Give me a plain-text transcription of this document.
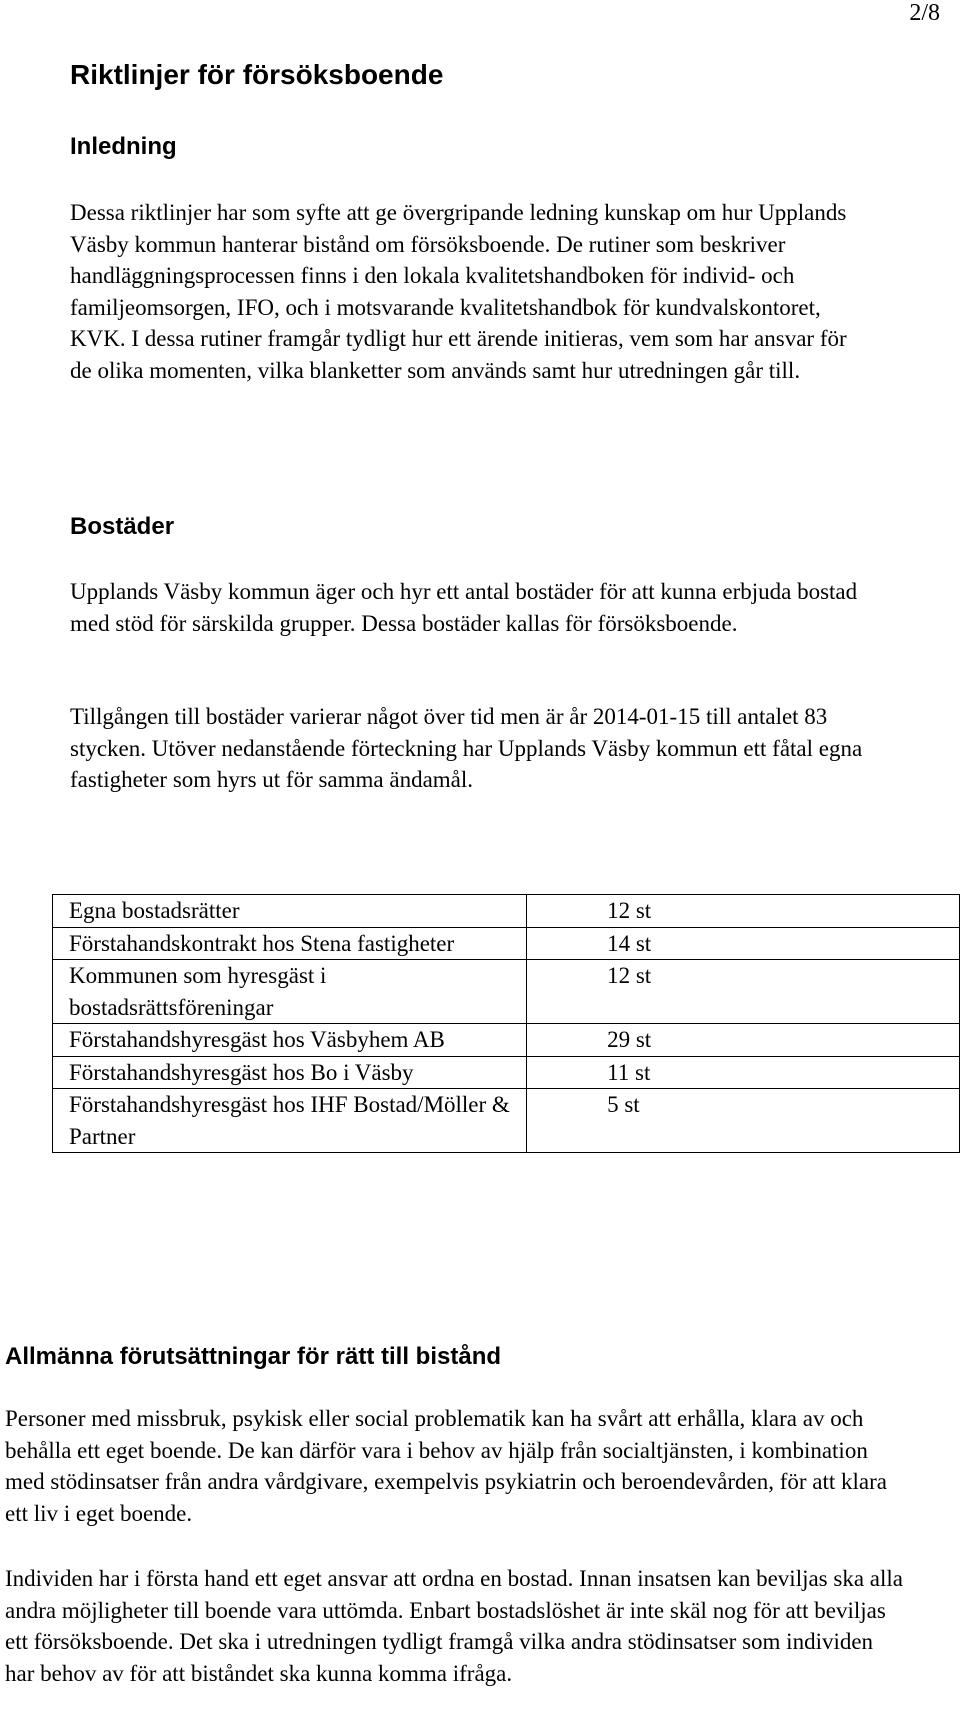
2/8
Riktlinjer för försöksboende
Inledning

Dessa riktlinjer har som syfte att ge övergripande ledning kunskap om hur Upplands Väsby kommun hanterar bistånd om försöksboende. De rutiner som beskriver handläggningsprocessen finns i den lokala kvalitetshandboken för individ- och familjeomsorgen, IFO, och i motsvarande kvalitetshandbok för kundvalskontoret, KVK. I dessa rutiner framgår tydligt hur ett ärende initieras, vem som har ansvar för de olika momenten, vilka blanketter som används samt hur utredningen går till.

Bostäder

Upplands Väsby kommun äger och hyr ett antal bostäder för att kunna erbjuda bostad med stöd för särskilda grupper. Dessa bostäder kallas för försöksboende.

Tillgången till bostäder varierar något över tid men är år 2014-01-15 till antalet 83 stycken. Utöver nedanstående förteckning har Upplands Väsby kommun ett fåtal egna fastigheter som hyrs ut för samma ändamål.

Egna bostadsrätter	12 st
Förstahandskontrakt hos Stena fastigheter	14 st
Kommunen som hyresgäst i bostadsrättsföreningar	12 st
Förstahandshyresgäst hos Väsbyhem AB	29 st
Förstahandshyresgäst hos Bo i Väsby	11 st
Förstahandshyresgäst hos IHF Bostad/Möller & Partner	5 st
Allmänna förutsättningar för rätt till bistånd

Personer med missbruk, psykisk eller social problematik kan ha svårt att erhålla, klara av och behålla ett eget boende. De kan därför vara i behov av hjälp från socialtjänsten, i kombination med stödinsatser från andra vårdgivare, exempelvis psykiatrin och beroendevården, för att klara ett liv i eget boende.

Individen har i första hand ett eget ansvar att ordna en bostad. Innan insatsen kan beviljas ska alla andra möjligheter till boende vara uttömda. Enbart bostadslöshet är inte skäl nog för att beviljas ett försöksboende. Det ska i utredningen tydligt framgå vilka andra stödinsatser som individen har behov av för att biståndet ska kunna komma ifråga.
